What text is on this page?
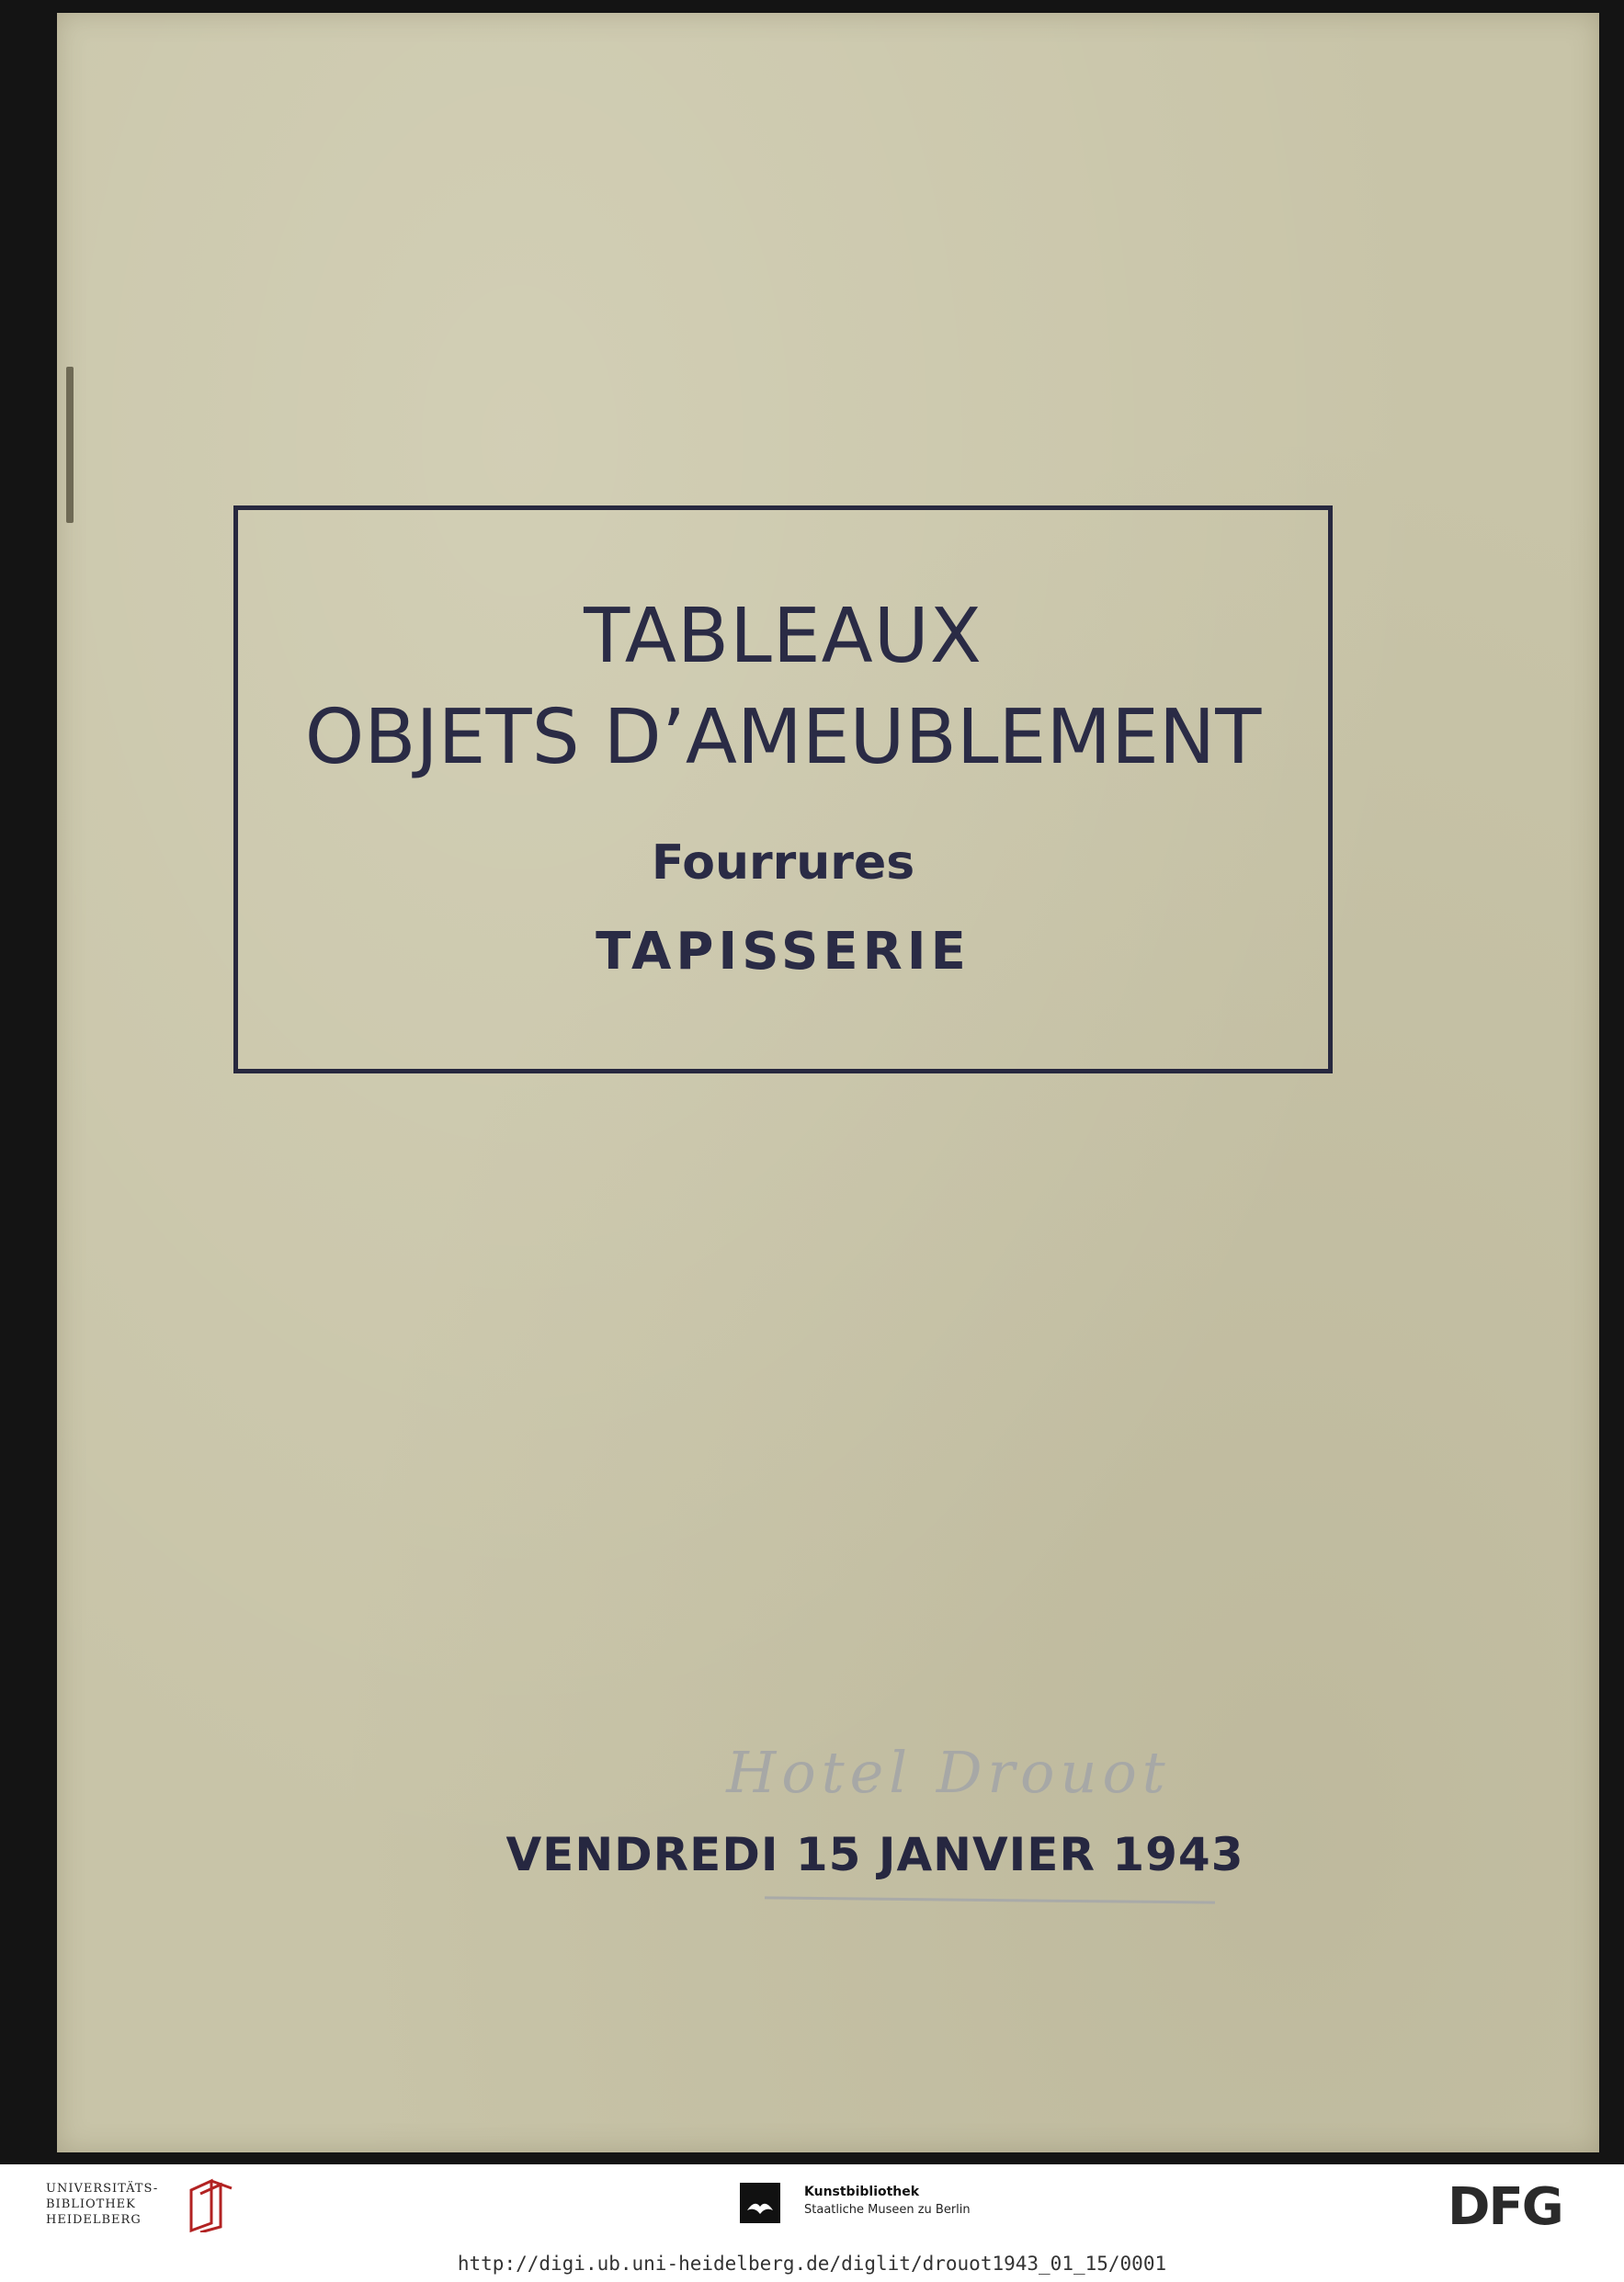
TABLEAUX
OBJETS D’AMEUBLEMENT
Fourrures
TAPISSERIE
Hotel Drouot
VENDREDI 15 JANVIER 1943
UNIVERSITÄTS-
BIBLIOTHEK
HEIDELBERG
Kunstbibliothek
Staatliche Museen zu Berlin	DFG
http://digi.ub.uni-heidelberg.de/diglit/drouot1943_01_15/0001
